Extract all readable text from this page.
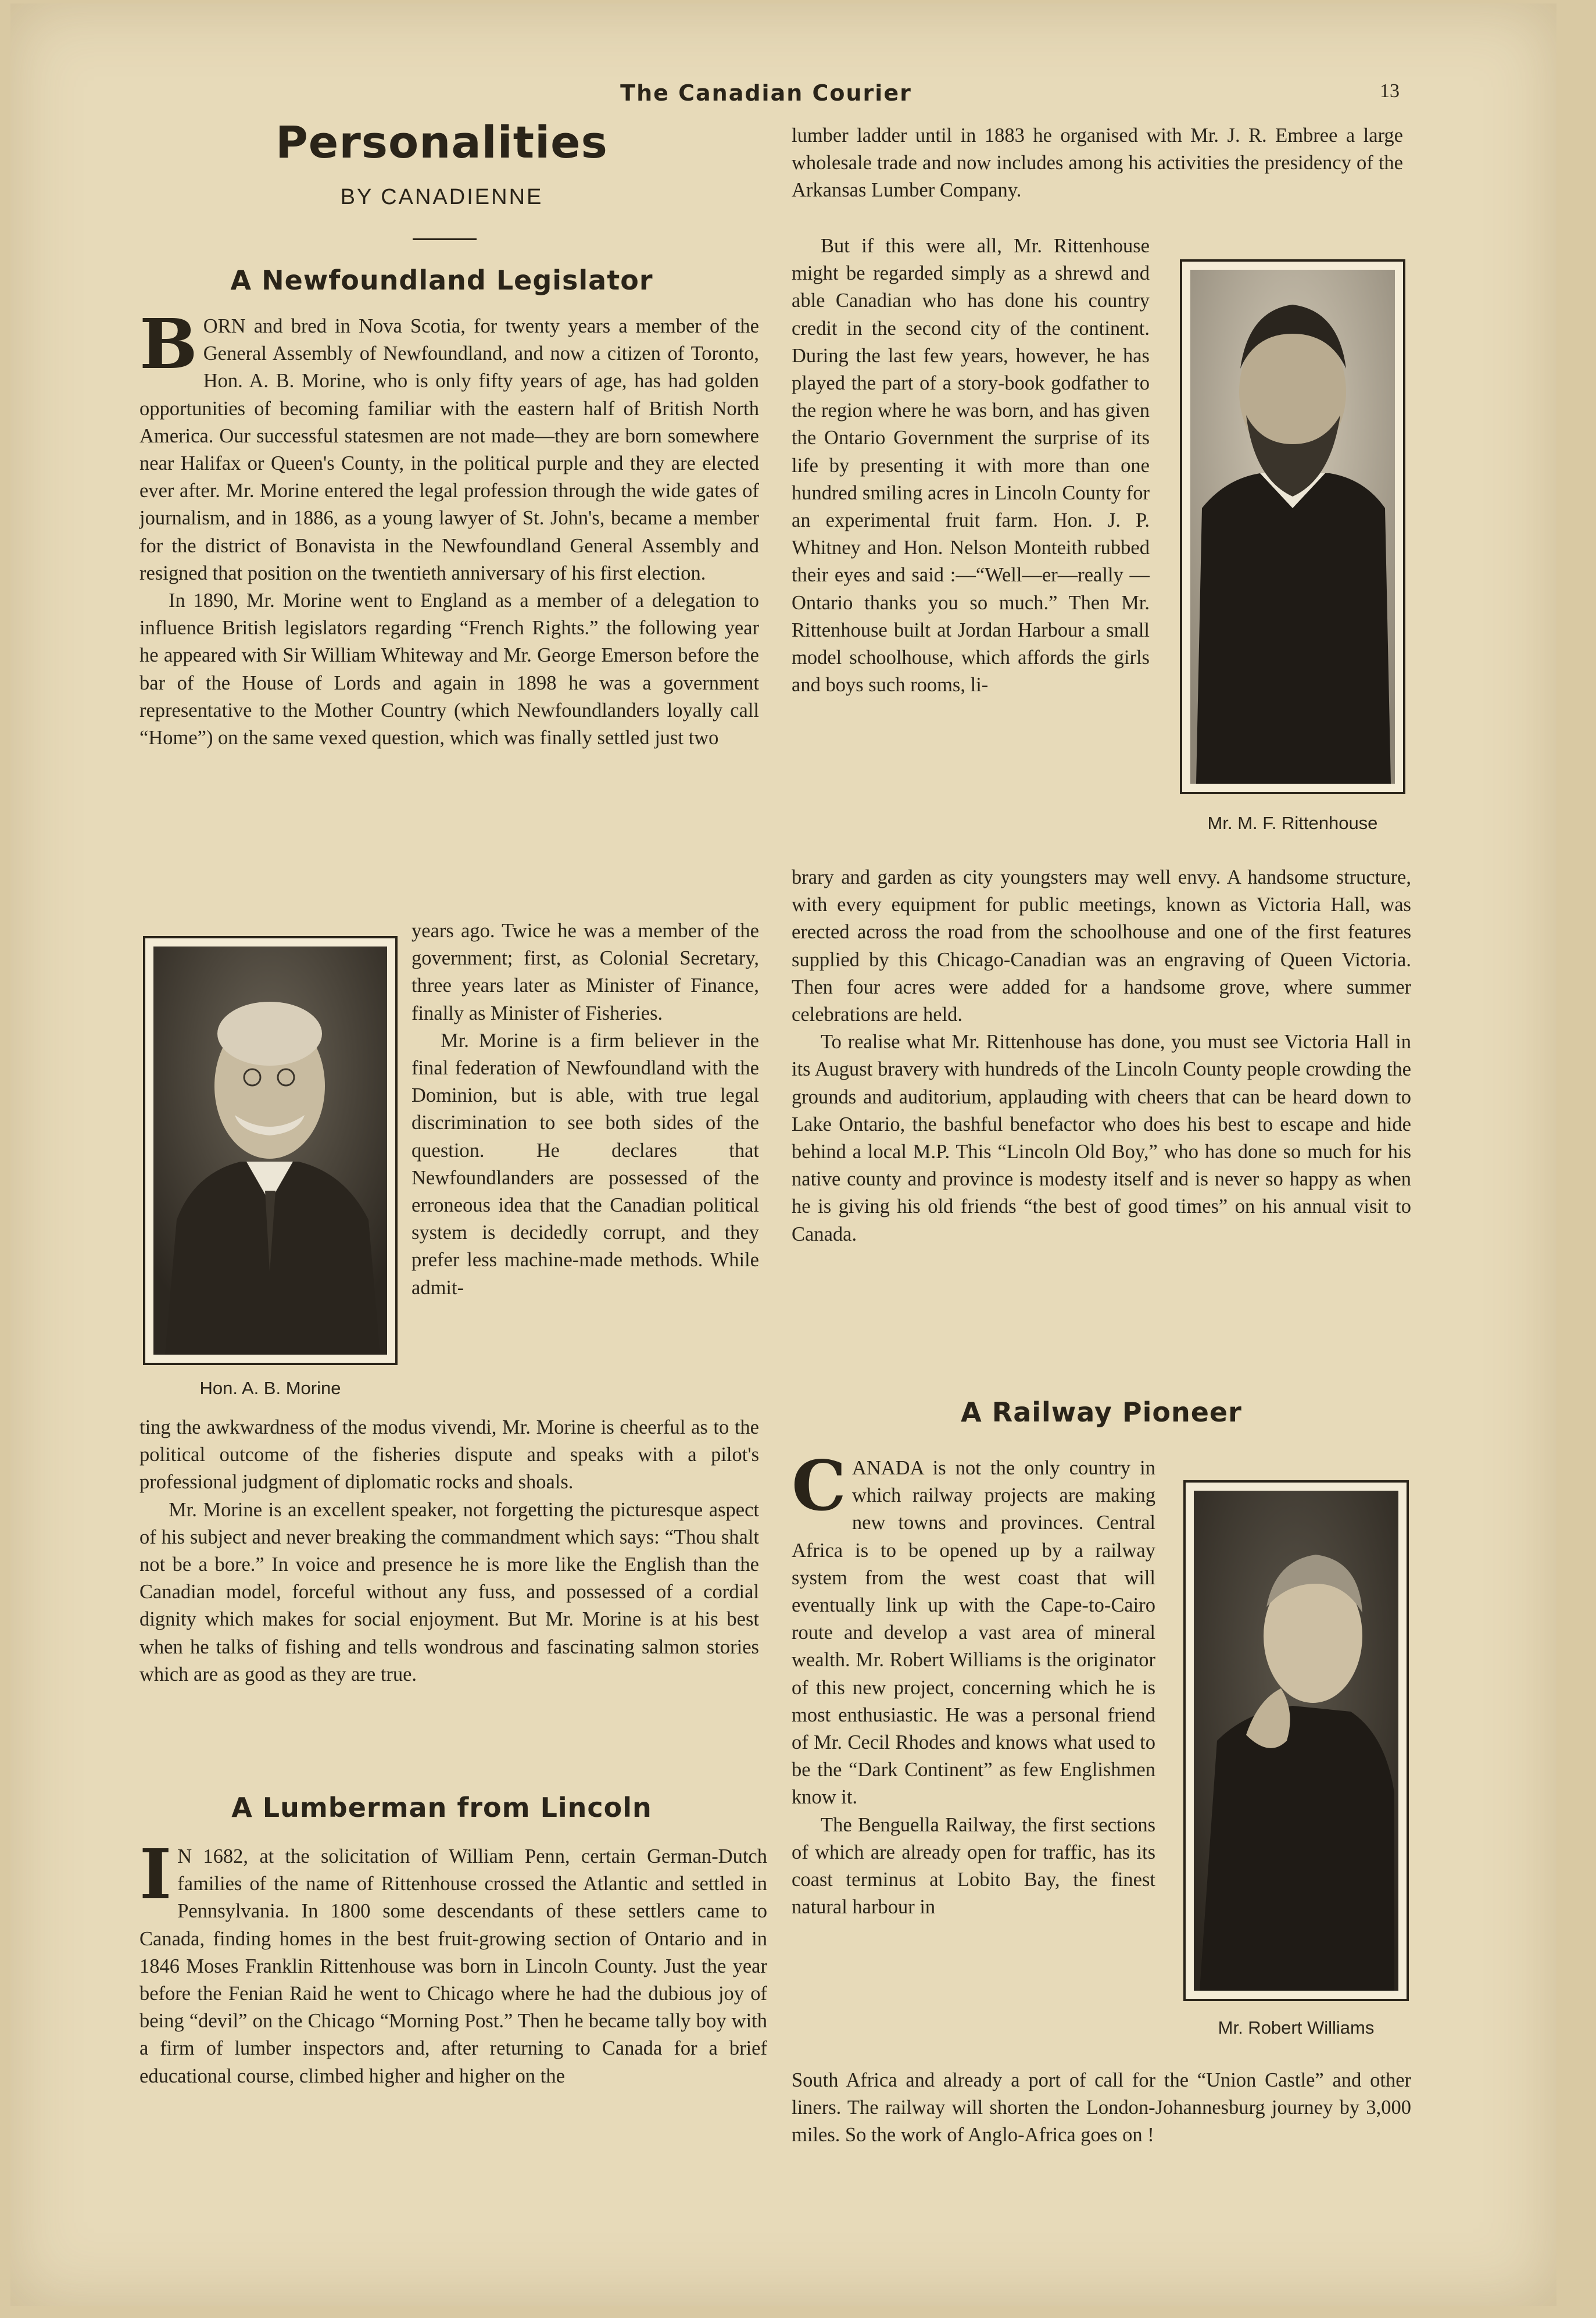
The Canadian Courier	13
Personalities
BY CANADIENNE
A Newfoundland Legislator

BORN and bred in Nova Scotia, for twenty years a member of the General Assembly of Newfoundland, and now a citizen of Toronto, Hon. A. B. Morine, who is only fifty years of age, has had golden opportunities of becoming familiar with the eastern half of British North America. Our successful statesmen are not made—they are born somewhere near Halifax or Queen's County, in the political purple and they are elected ever after. Mr. Morine entered the legal profession through the wide gates of journalism, and in 1886, as a young lawyer of St. John's, became a member for the district of Bonavista in the Newfoundland General Assembly and resigned that position on the twentieth anniversary of his first election.

In 1890, Mr. Morine went to England as a member of a delegation to influence British legislators regarding “French Rights.” the following year he appeared with Sir William Whiteway and Mr. George Emerson before the bar of the House of Lords and again in 1898 he was a government representative to the Mother Country (which Newfoundlanders loyally call “Home”) on the same vexed question, which was finally settled just two

Hon. A. B. Morine

years ago. Twice he was a member of the government; first, as Colonial Secretary, three years later as Minister of Finance, finally as Minister of Fisheries.

Mr. Morine is a firm believer in the final federation of Newfoundland with the Dominion, but is able, with true legal discrimination to see both sides of the question. He declares that Newfoundlanders are possessed of the erroneous idea that the Canadian political system is decidedly corrupt, and they prefer less machine-made methods. While admit-

ting the awkwardness of the modus vivendi, Mr. Morine is cheerful as to the political outcome of the fisheries dispute and speaks with a pilot's professional judgment of diplomatic rocks and shoals.

Mr. Morine is an excellent speaker, not forgetting the picturesque aspect of his subject and never breaking the commandment which says: “Thou shalt not be a bore.” In voice and presence he is more like the English than the Canadian model, forceful without any fuss, and possessed of a cordial dignity which makes for social enjoyment. But Mr. Morine is at his best when he talks of fishing and tells wondrous and fascinating salmon stories which are as good as they are true.

A Lumberman from Lincoln

I N 1682, at the solicitation of William Penn, certain German-Dutch families of the name of Rittenhouse crossed the Atlantic and settled in Pennsylvania. In 1800 some descendants of these settlers came to Canada, finding homes in the best fruit-growing section of Ontario and in 1846 Moses Franklin Rittenhouse was born in Lincoln County. Just the year before the Fenian Raid he went to Chicago where he had the dubious joy of being “devil” on the Chicago “Morning Post.” Then he became tally boy with a firm of lumber inspectors and, after returning to Canada for a brief educational course, climbed higher and higher on the

lumber ladder until in 1883 he organised with Mr. J. R. Embree a large wholesale trade and now includes among his activities the presidency of the Arkansas Lumber Company.

But if this were all, Mr. Rittenhouse might be regarded simply as a shrewd and able Canadian who has done his country credit in the second city of the continent. During the last few years, however, he has played the part of a story-book godfather to the region where he was born, and has given the Ontario Government the surprise of its life by presenting it with more than one hundred smiling acres in Lincoln County for an experimental fruit farm. Hon. J. P. Whitney and Hon. Nelson Monteith rubbed their eyes and said :—“Well—er—really —Ontario thanks you so much.” Then Mr. Rittenhouse built at Jordan Harbour a small model schoolhouse, which affords the girls and boys such rooms, li-

Mr. M. F. Rittenhouse

brary and garden as city youngsters may well envy. A handsome structure, with every equipment for public meetings, known as Victoria Hall, was erected across the road from the schoolhouse and one of the first features supplied by this Chicago-Canadian was an engraving of Queen Victoria. Then four acres were added for a handsome grove, where summer celebrations are held.

To realise what Mr. Rittenhouse has done, you must see Victoria Hall in its August bravery with hundreds of the Lincoln County people crowding the grounds and auditorium, applauding with cheers that can be heard down to Lake Ontario, the bashful benefactor who does his best to escape and hide behind a local M.P. This “Lincoln Old Boy,” who has done so much for his native county and province is modesty itself and is never so happy as when he is giving his old friends “the best of good times” on his annual visit to Canada.

A Railway Pioneer

CANADA is not the only country in which railway projects are making new towns and provinces. Central Africa is to be opened up by a railway system from the west coast that will eventually link up with the Cape-to-Cairo route and develop a vast area of mineral wealth. Mr. Robert Williams is the originator of this new project, concerning which he is most enthusiastic. He was a personal friend of Mr. Cecil Rhodes and knows what used to be the “Dark Continent” as few Englishmen know it.

The Benguella Railway, the first sections of which are already open for traffic, has its coast terminus at Lobito Bay, the finest natural harbour in

Mr. Robert Williams

South Africa and already a port of call for the “Union Castle” and other liners. The railway will shorten the London-Johannesburg journey by 3,000 miles. So the work of Anglo-Africa goes on !
